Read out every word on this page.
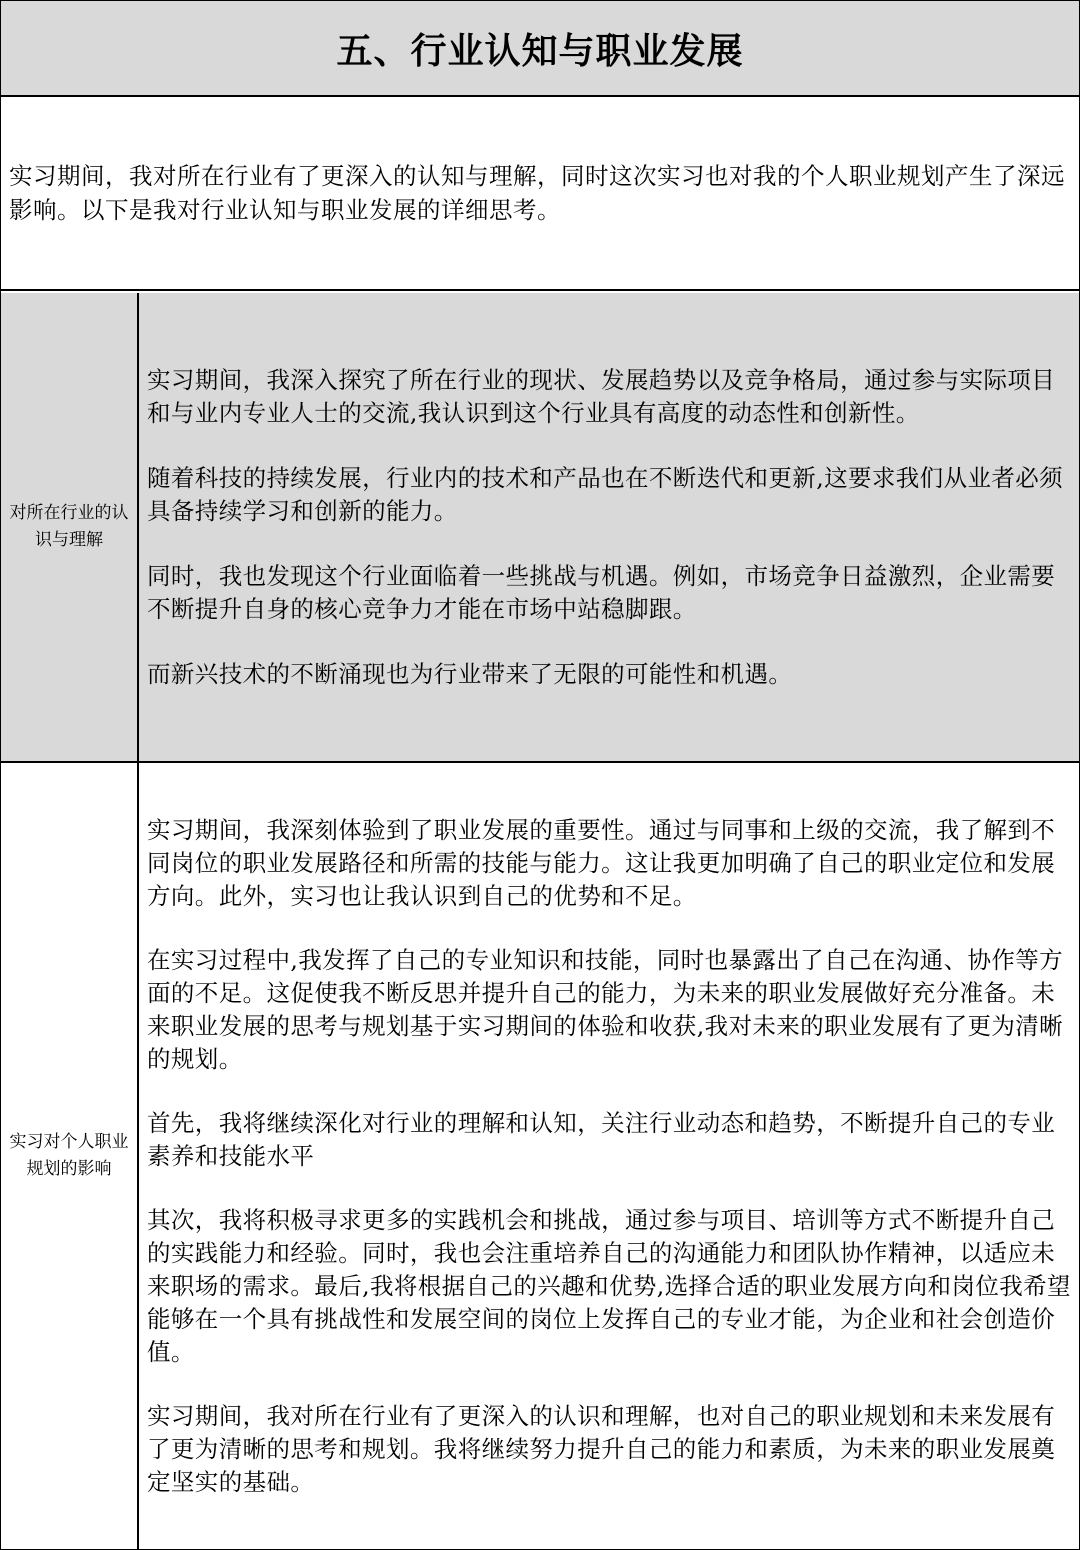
五、行业认知与职业发展

实习期间，我对所在行业有了更深入的认知与理解，同时这次实习也对我的个人职业规划产生了深远影响。以下是我对行业认知与职业发展的详细思考。

对所在行业的认识与理解

实习期间，我深入探究了所在行业的现状、发展趋势以及竞争格局，通过参与实际项目和与业内专业人士的交流,我认识到这个行业具有高度的动态性和创新性。

随着科技的持续发展，行业内的技术和产品也在不断迭代和更新,这要求我们从业者必须具备持续学习和创新的能力。

同时，我也发现这个行业面临着一些挑战与机遇。例如，市场竞争日益激烈，企业需要不断提升自身的核心竞争力才能在市场中站稳脚跟。

而新兴技术的不断涌现也为行业带来了无限的可能性和机遇。

实习对个人职业规划的影响

实习期间，我深刻体验到了职业发展的重要性。通过与同事和上级的交流，我了解到不同岗位的职业发展路径和所需的技能与能力。这让我更加明确了自己的职业定位和发展方向。此外，实习也让我认识到自己的优势和不足。

在实习过程中,我发挥了自己的专业知识和技能，同时也暴露出了自己在沟通、协作等方面的不足。这促使我不断反思并提升自己的能力，为未来的职业发展做好充分准备。未来职业发展的思考与规划基于实习期间的体验和收获,我对未来的职业发展有了更为清晰的规划。

首先，我将继续深化对行业的理解和认知，关注行业动态和趋势，不断提升自己的专业素养和技能水平

其次，我将积极寻求更多的实践机会和挑战，通过参与项目、培训等方式不断提升自己的实践能力和经验。同时，我也会注重培养自己的沟通能力和团队协作精神，以适应未来职场的需求。最后,我将根据自己的兴趣和优势,选择合适的职业发展方向和岗位我希望能够在一个具有挑战性和发展空间的岗位上发挥自己的专业才能，为企业和社会创造价值。

实习期间，我对所在行业有了更深入的认识和理解，也对自己的职业规划和未来发展有了更为清晰的思考和规划。我将继续努力提升自己的能力和素质，为未来的职业发展奠定坚实的基础。
